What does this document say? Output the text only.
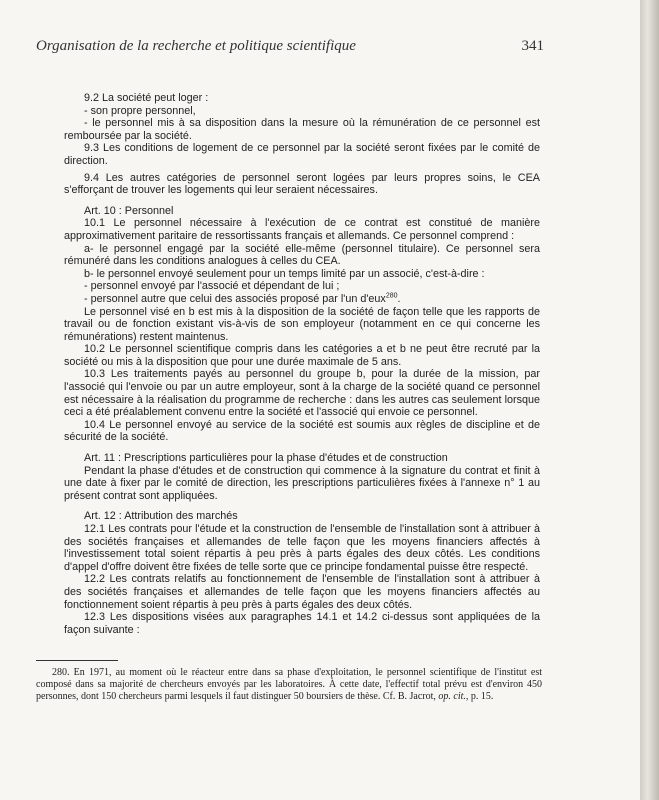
Organisation de la recherche et politique scientifique	341

9.2 La société peut loger :

- son propre personnel,

- le personnel mis à sa disposition dans la mesure où la rémunération de ce personnel est remboursée par la société.

9.3 Les conditions de logement de ce personnel par la société seront fixées par le comité de direction.

9.4 Les autres catégories de personnel seront logées par leurs propres soins, le CEA s'efforçant de trouver les logements qui leur seraient nécessaires.

Art. 10 : Personnel

10.1 Le personnel nécessaire à l'exécution de ce contrat est constitué de manière approximativement paritaire de ressortissants français et allemands. Ce personnel comprend :

a- le personnel engagé par la société elle-même (personnel titulaire). Ce personnel sera rémunéré dans les conditions analogues à celles du CEA.

b- le personnel envoyé seulement pour un temps limité par un associé, c'est-à-dire :

- personnel envoyé par l'associé et dépendant de lui ;

- personnel autre que celui des associés proposé par l'un d'eux$^{280}$.

Le personnel visé en b est mis à la disposition de la société de façon telle que les rapports de travail ou de fonction existant vis-à-vis de son employeur (notamment en ce qui concerne les rémunérations) restent maintenus.

10.2 Le personnel scientifique compris dans les catégories a et b ne peut être recruté par la société ou mis à la disposition que pour une durée maximale de 5 ans.

10.3 Les traitements payés au personnel du groupe b, pour la durée de la mission, par l'associé qui l'envoie ou par un autre employeur, sont à la charge de la société quand ce personnel est nécessaire à la réalisation du programme de recherche : dans les autres cas seulement lorsque ceci a été préalablement convenu entre la société et l'associé qui envoie ce personnel.

10.4 Le personnel envoyé au service de la société est soumis aux règles de discipline et de sécurité de la société.

Art. 11 : Prescriptions particulières pour la phase d'études et de construction

Pendant la phase d'études et de construction qui commence à la signature du contrat et finit à une date à fixer par le comité de direction, les prescriptions particulières fixées à l'annexe n° 1 au présent contrat sont appliquées.

Art. 12 : Attribution des marchés

12.1 Les contrats pour l'étude et la construction de l'ensemble de l'installation sont à attribuer à des sociétés françaises et allemandes de telle façon que les moyens financiers affectés à l'investissement total soient répartis à peu près à parts égales des deux côtés. Les conditions d'appel d'offre doivent être fixées de telle sorte que ce principe fondamental puisse être respecté.

12.2 Les contrats relatifs au fonctionnement de l'ensemble de l'installation sont à attribuer à des sociétés françaises et allemandes de telle façon que les moyens financiers affectés au fonctionnement soient répartis à peu près à parts égales des deux côtés.

12.3 Les dispositions visées aux paragraphes 14.1 et 14.2 ci-dessus sont appliquées de la façon suivante :

280. En 1971, au moment où le réacteur entre dans sa phase d'exploitation, le personnel scientifique de l'institut est composé dans sa majorité de chercheurs envoyés par les laboratoires. À cette date, l'effectif total prévu est d'environ 450 personnes, dont 150 chercheurs parmi lesquels il faut distinguer 50 boursiers de thèse. Cf. B. Jacrot, op. cit., p. 15.
